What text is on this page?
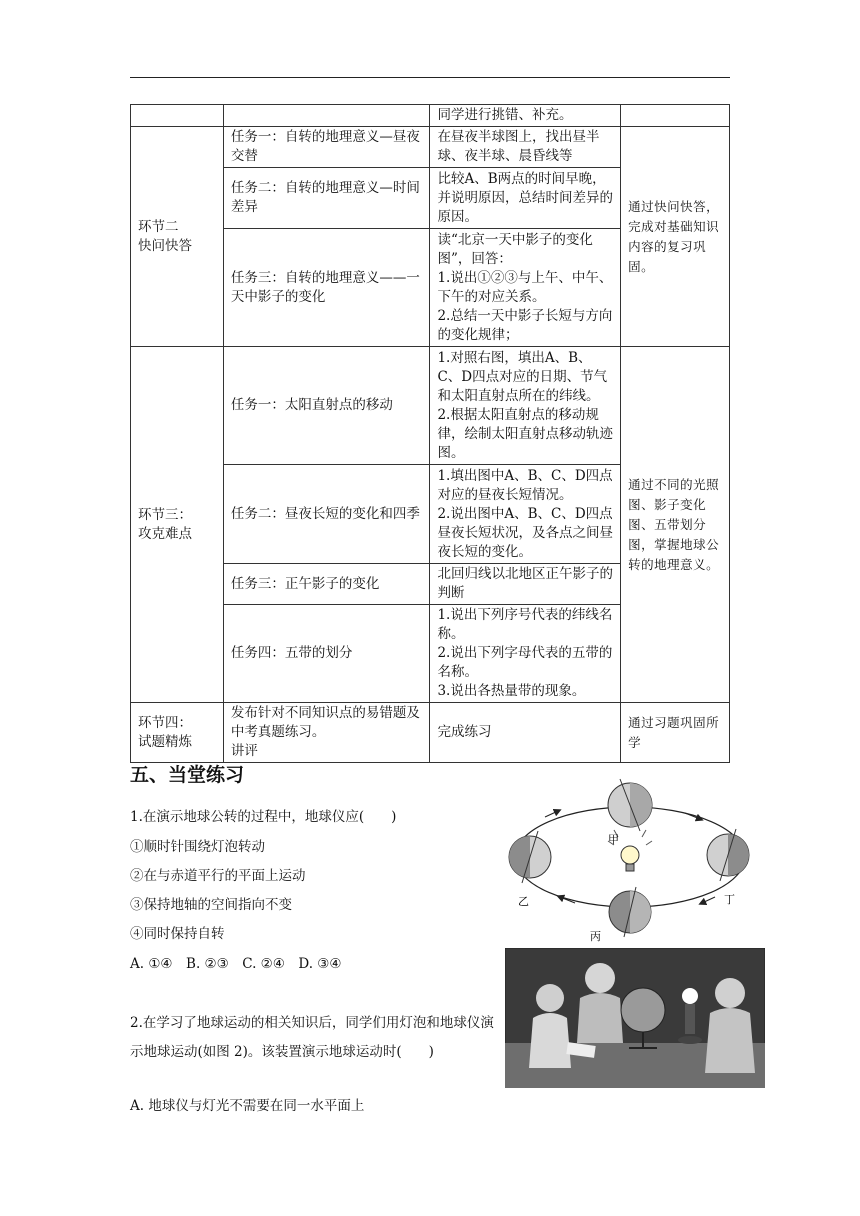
		同学进行挑错、补充。	
环节二
快问快答	任务一：自转的地理意义—昼夜交替	在昼夜半球图上，找出昼半球、夜半球、晨昏线等	通过快问快答，完成对基础知识内容的复习巩固。
	任务二：自转的地理意义—时间差异	比较A、B两点的时间早晚，并说明原因，总结时间差异的原因。	
	任务三：自转的地理意义——一天中影子的变化	读“北京一天中影子的变化图”，回答：
1.说出①②③与上午、中午、下午的对应关系。
2.总结一天中影子长短与方向的变化规律；	
环节三：
攻克难点	任务一：太阳直射点的移动	1.对照右图，填出A、B、C、D四点对应的日期、节气和太阳直射点所在的纬线。
2.根据太阳直射点的移动规律，绘制太阳直射点移动轨迹图。	通过不同的光照图、影子变化图、五带划分图，掌握地球公转的地理意义。
	任务二：昼夜长短的变化和四季	1.填出图中A、B、C、D四点对应的昼夜长短情况。
2.说出图中A、B、C、D四点昼夜长短状况，及各点之间昼夜长短的变化。	
	任务三：正午影子的变化	北回归线以北地区正午影子的判断	
	任务四：五带的划分	1.说出下列序号代表的纬线名称。
2.说出下列字母代表的五带的名称。
3.说出各热量带的现象。	
环节四：
试题精炼	发布针对不同知识点的易错题及中考真题练习。
讲评	完成练习	通过习题巩固所学
五、当堂练习
1.在演示地球公转的过程中，地球仪应(　　)
①顺时针围绕灯泡转动
②在与赤道平行的平面上运动
③保持地轴的空间指向不变
④同时保持自转
A. ①④　B. ②③　C. ②④　D. ③④
甲
乙	丁
丙
2.在学习了地球运动的相关知识后，同学们用灯泡和地球仪演示地球运动(如图 2)。该装置演示地球运动时(　　)
A. 地球仪与灯光不需要在同一水平面上
